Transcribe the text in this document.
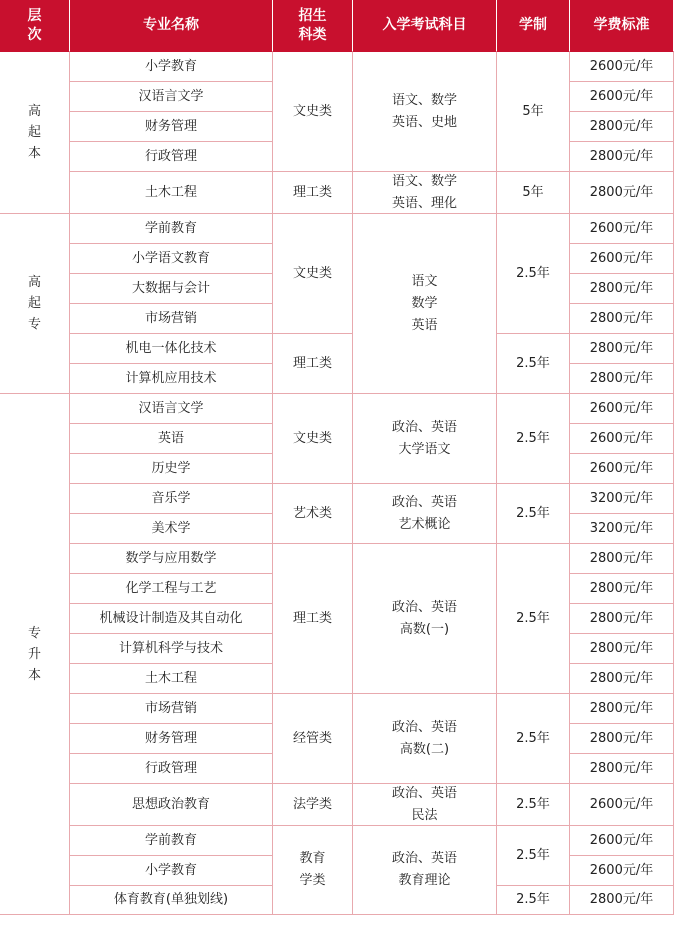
层
次
专业名称
招生
科类
入学考试科目	学制	学费标准
高
起
本
高
起
专
专
升
本
小学教育
汉语言文学
财务管理
行政管理
土木工程
学前教育
小学语文教育
大数据与会计
市场营销
机电一体化技术
计算机应用技术
汉语言文学
英语
历史学
音乐学
美术学
数学与应用数学
化学工程与工艺
机械设计制造及其自动化
计算机科学与技术
土木工程
市场营销
财务管理
行政管理
思想政治教育
学前教育
小学教育
体育教育(单独划线)
文史类
理工类
文史类
理工类
文史类
艺术类
理工类
经管类
法学类
教育
学类
语文、数学
英语、史地
语文、数学
英语、理化
语文
数学
英语
政治、英语
大学语文
政治、英语
艺术概论
政治、英语
高数(一)
政治、英语
高数(二)
政治、英语
民法
政治、英语
教育理论
5年
5年
2.5年
2.5年
2.5年
2.5年
2.5年
2.5年
2.5年
2.5年
2.5年
2600元/年
2600元/年
2800元/年
2800元/年
2800元/年
2600元/年
2600元/年
2800元/年
2800元/年
2800元/年
2800元/年
2600元/年
2600元/年
2600元/年
3200元/年
3200元/年
2800元/年
2800元/年
2800元/年
2800元/年
2800元/年
2800元/年
2800元/年
2800元/年
2600元/年
2600元/年
2600元/年
2800元/年
